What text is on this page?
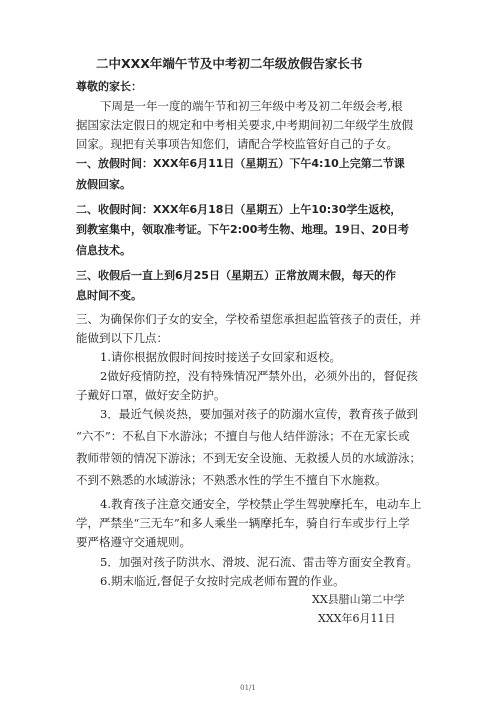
二中XXX年端午节及中考初二年级放假告家长书
尊敬的家长：
下周是一年一度的端午节和初三年级中考及初二年级会考,根
据国家法定假日的规定和中考相关要求,中考期间初二年级学生放假
回家。现把有关事项告知您们，请配合学校监管好自己的子女。
一、放假时间：XXX年6月11日（星期五）下午4:10上完第二节课
放假回家。
二、收假时间：XXX年6月18日（星期五）上午10:30学生返校，
到教室集中，领取准考证。下午2:00考生物、地理。19日、20日考
信息技术。
三、收假后一直上到6月25日（星期五）正常放周末假，每天的作
息时间不变。
三、为确保你们子女的安全，学校希望您承担起监管孩子的责任，并
能做到以下几点：
1.请你根据放假时间按时接送子女回家和返校。
2做好疫情防控，没有特殊情况严禁外出，必须外出的，督促孩
子戴好口罩，做好安全防护。
3．最近气候炎热，要加强对孩子的防溺水宣传，教育孩子做到
“六不”：不私自下水游泳；不擅自与他人结伴游泳；不在无家长或
教师带领的情况下游泳；不到无安全设施、无救援人员的水域游泳；
不到不熟悉的水域游泳；不熟悉水性的学生不擅自下水施救。
4.教育孩子注意交通安全，学校禁止学生驾驶摩托车，电动车上
学，严禁坐“三无车”和多人乘坐一辆摩托车，骑自行车或步行上学
要严格遵守交通规则。
5．加强对孩子防洪水、滑坡、泥石流、雷击等方面安全教育。
6.期末临近,督促子女按时完成老师布置的作业。
XX县腊山第二中学
XXX年6月11日
01/1
